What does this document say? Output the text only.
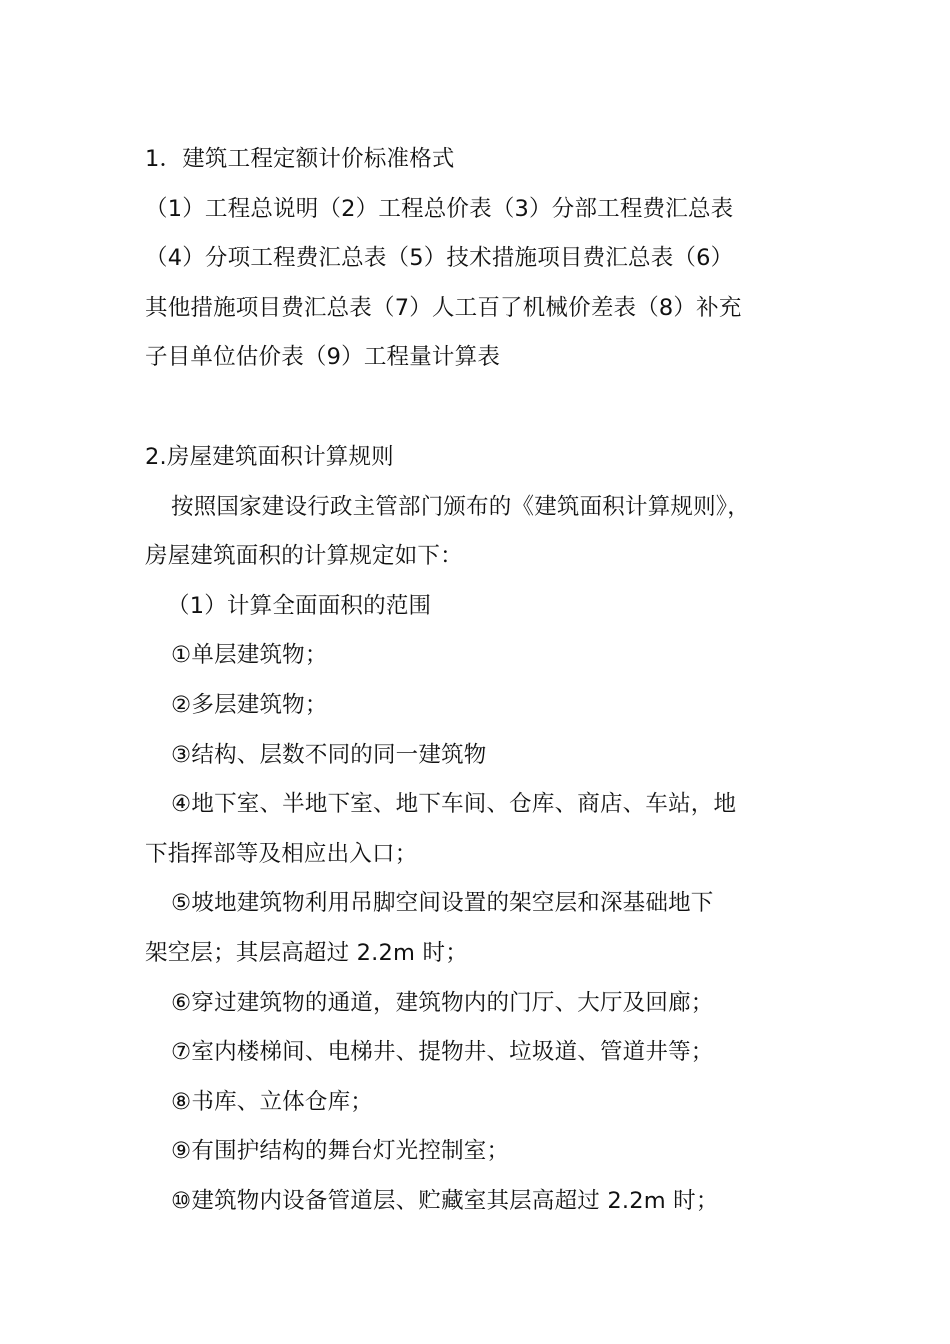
1．建筑工程定额计价标准格式
（1）工程总说明（2）工程总价表（3）分部工程费汇总表
（4）分项工程费汇总表（5）技术措施项目费汇总表（6）
其他措施项目费汇总表（7）人工百了机械价差表（8）补充
子目单位估价表（9）工程量计算表
2.房屋建筑面积计算规则
按照国家建设行政主管部门颁布的《建筑面积计算规则》，
房屋建筑面积的计算规定如下：
（1）计算全面面积的范围
①单层建筑物；
②多层建筑物；
③结构、层数不同的同一建筑物
④地下室、半地下室、地下车间、仓库、商店、车站，地
下指挥部等及相应出入口；
⑤坡地建筑物利用吊脚空间设置的架空层和深基础地下
架空层；其层高超过 2.2m 时；
⑥穿过建筑物的通道，建筑物内的门厅、大厅及回廊；
⑦室内楼梯间、电梯井、提物井、垃圾道、管道井等；
⑧书库、立体仓库；
⑨有围护结构的舞台灯光控制室；
⑩建筑物内设备管道层、贮藏室其层高超过 2.2m 时；
